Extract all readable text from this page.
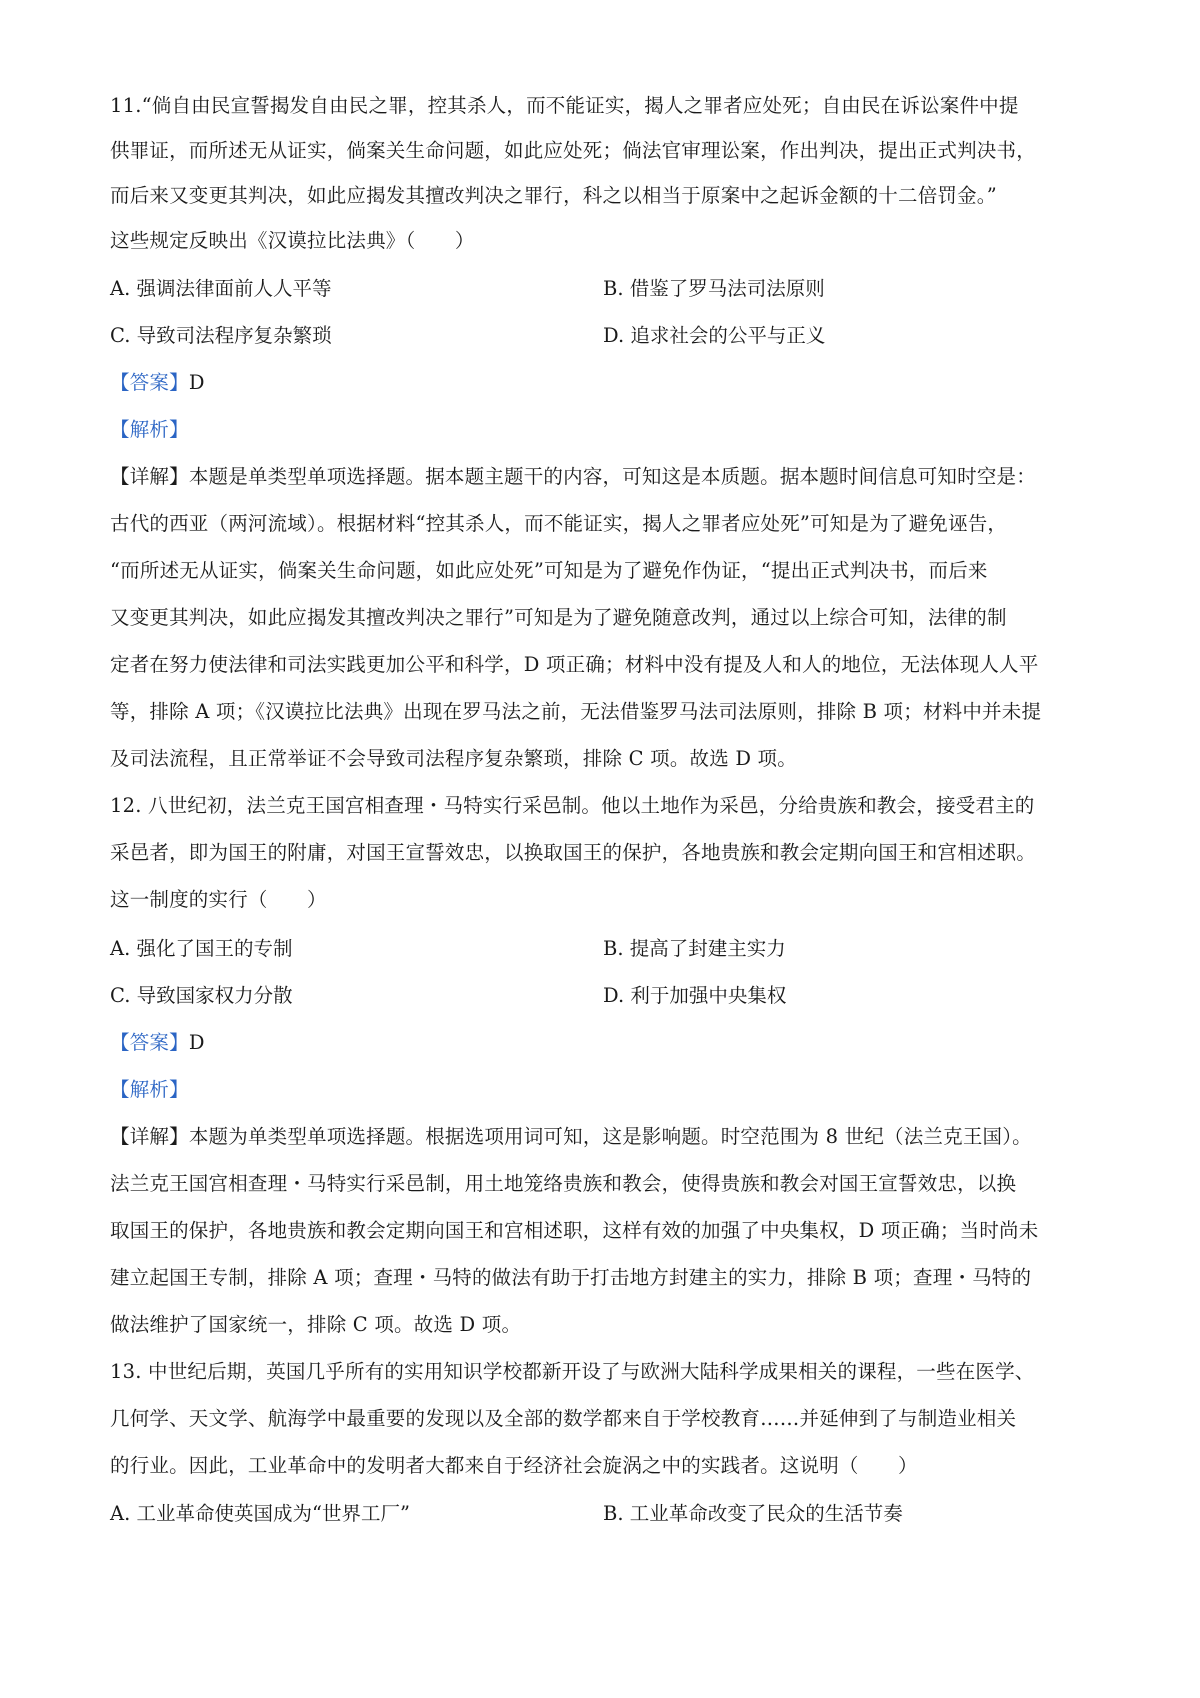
11.“倘自由民宣誓揭发自由民之罪，控其杀人，而不能证实，揭人之罪者应处死；自由民在诉讼案件中提
供罪证，而所述无从证实，倘案关生命问题，如此应处死；倘法官审理讼案，作出判决，提出正式判决书，
而后来又变更其判决，如此应揭发其擅改判决之罪行，科之以相当于原案中之起诉金额的十二倍罚金。”
这些规定反映出《汉谟拉比法典》（　　）
A. 强调法律面前人人平等	B. 借鉴了罗马法司法原则
C. 导致司法程序复杂繁琐	D. 追求社会的公平与正义
【答案】D
【解析】
【详解】本题是单类型单项选择题。据本题主题干的内容，可知这是本质题。据本题时间信息可知时空是：
古代的西亚（两河流域）。根据材料“控其杀人，而不能证实，揭人之罪者应处死”可知是为了避免诬告，
“而所述无从证实，倘案关生命问题，如此应处死”可知是为了避免作伪证，“提出正式判决书，而后来
又变更其判决，如此应揭发其擅改判决之罪行”可知是为了避免随意改判，通过以上综合可知，法律的制
定者在努力使法律和司法实践更加公平和科学，D 项正确；材料中没有提及人和人的地位，无法体现人人平
等，排除 A 项；《汉谟拉比法典》出现在罗马法之前，无法借鉴罗马法司法原则，排除 B 项；材料中并未提
及司法流程，且正常举证不会导致司法程序复杂繁琐，排除 C 项。故选 D 项。
12. 八世纪初，法兰克王国宫相查理・马特实行采邑制。他以土地作为采邑，分给贵族和教会，接受君主的
采邑者，即为国王的附庸，对国王宣誓效忠，以换取国王的保护，各地贵族和教会定期向国王和宫相述职。
这一制度的实行（　　）
A. 强化了国王的专制	B. 提高了封建主实力
C. 导致国家权力分散	D. 利于加强中央集权
【答案】D
【解析】
【详解】本题为单类型单项选择题。根据选项用词可知，这是影响题。时空范围为 8 世纪（法兰克王国）。
法兰克王国宫相查理・马特实行采邑制，用土地笼络贵族和教会，使得贵族和教会对国王宣誓效忠，以换
取国王的保护，各地贵族和教会定期向国王和宫相述职，这样有效的加强了中央集权，D 项正确；当时尚未
建立起国王专制，排除 A 项；查理・马特的做法有助于打击地方封建主的实力，排除 B 项；查理・马特的
做法维护了国家统一，排除 C 项。故选 D 项。
13. 中世纪后期，英国几乎所有的实用知识学校都新开设了与欧洲大陆科学成果相关的课程，一些在医学、
几何学、天文学、航海学中最重要的发现以及全部的数学都来自于学校教育……并延伸到了与制造业相关
的行业。因此，工业革命中的发明者大都来自于经济社会旋涡之中的实践者。这说明（　　）
A. 工业革命使英国成为“世界工厂”	B. 工业革命改变了民众的生活节奏
